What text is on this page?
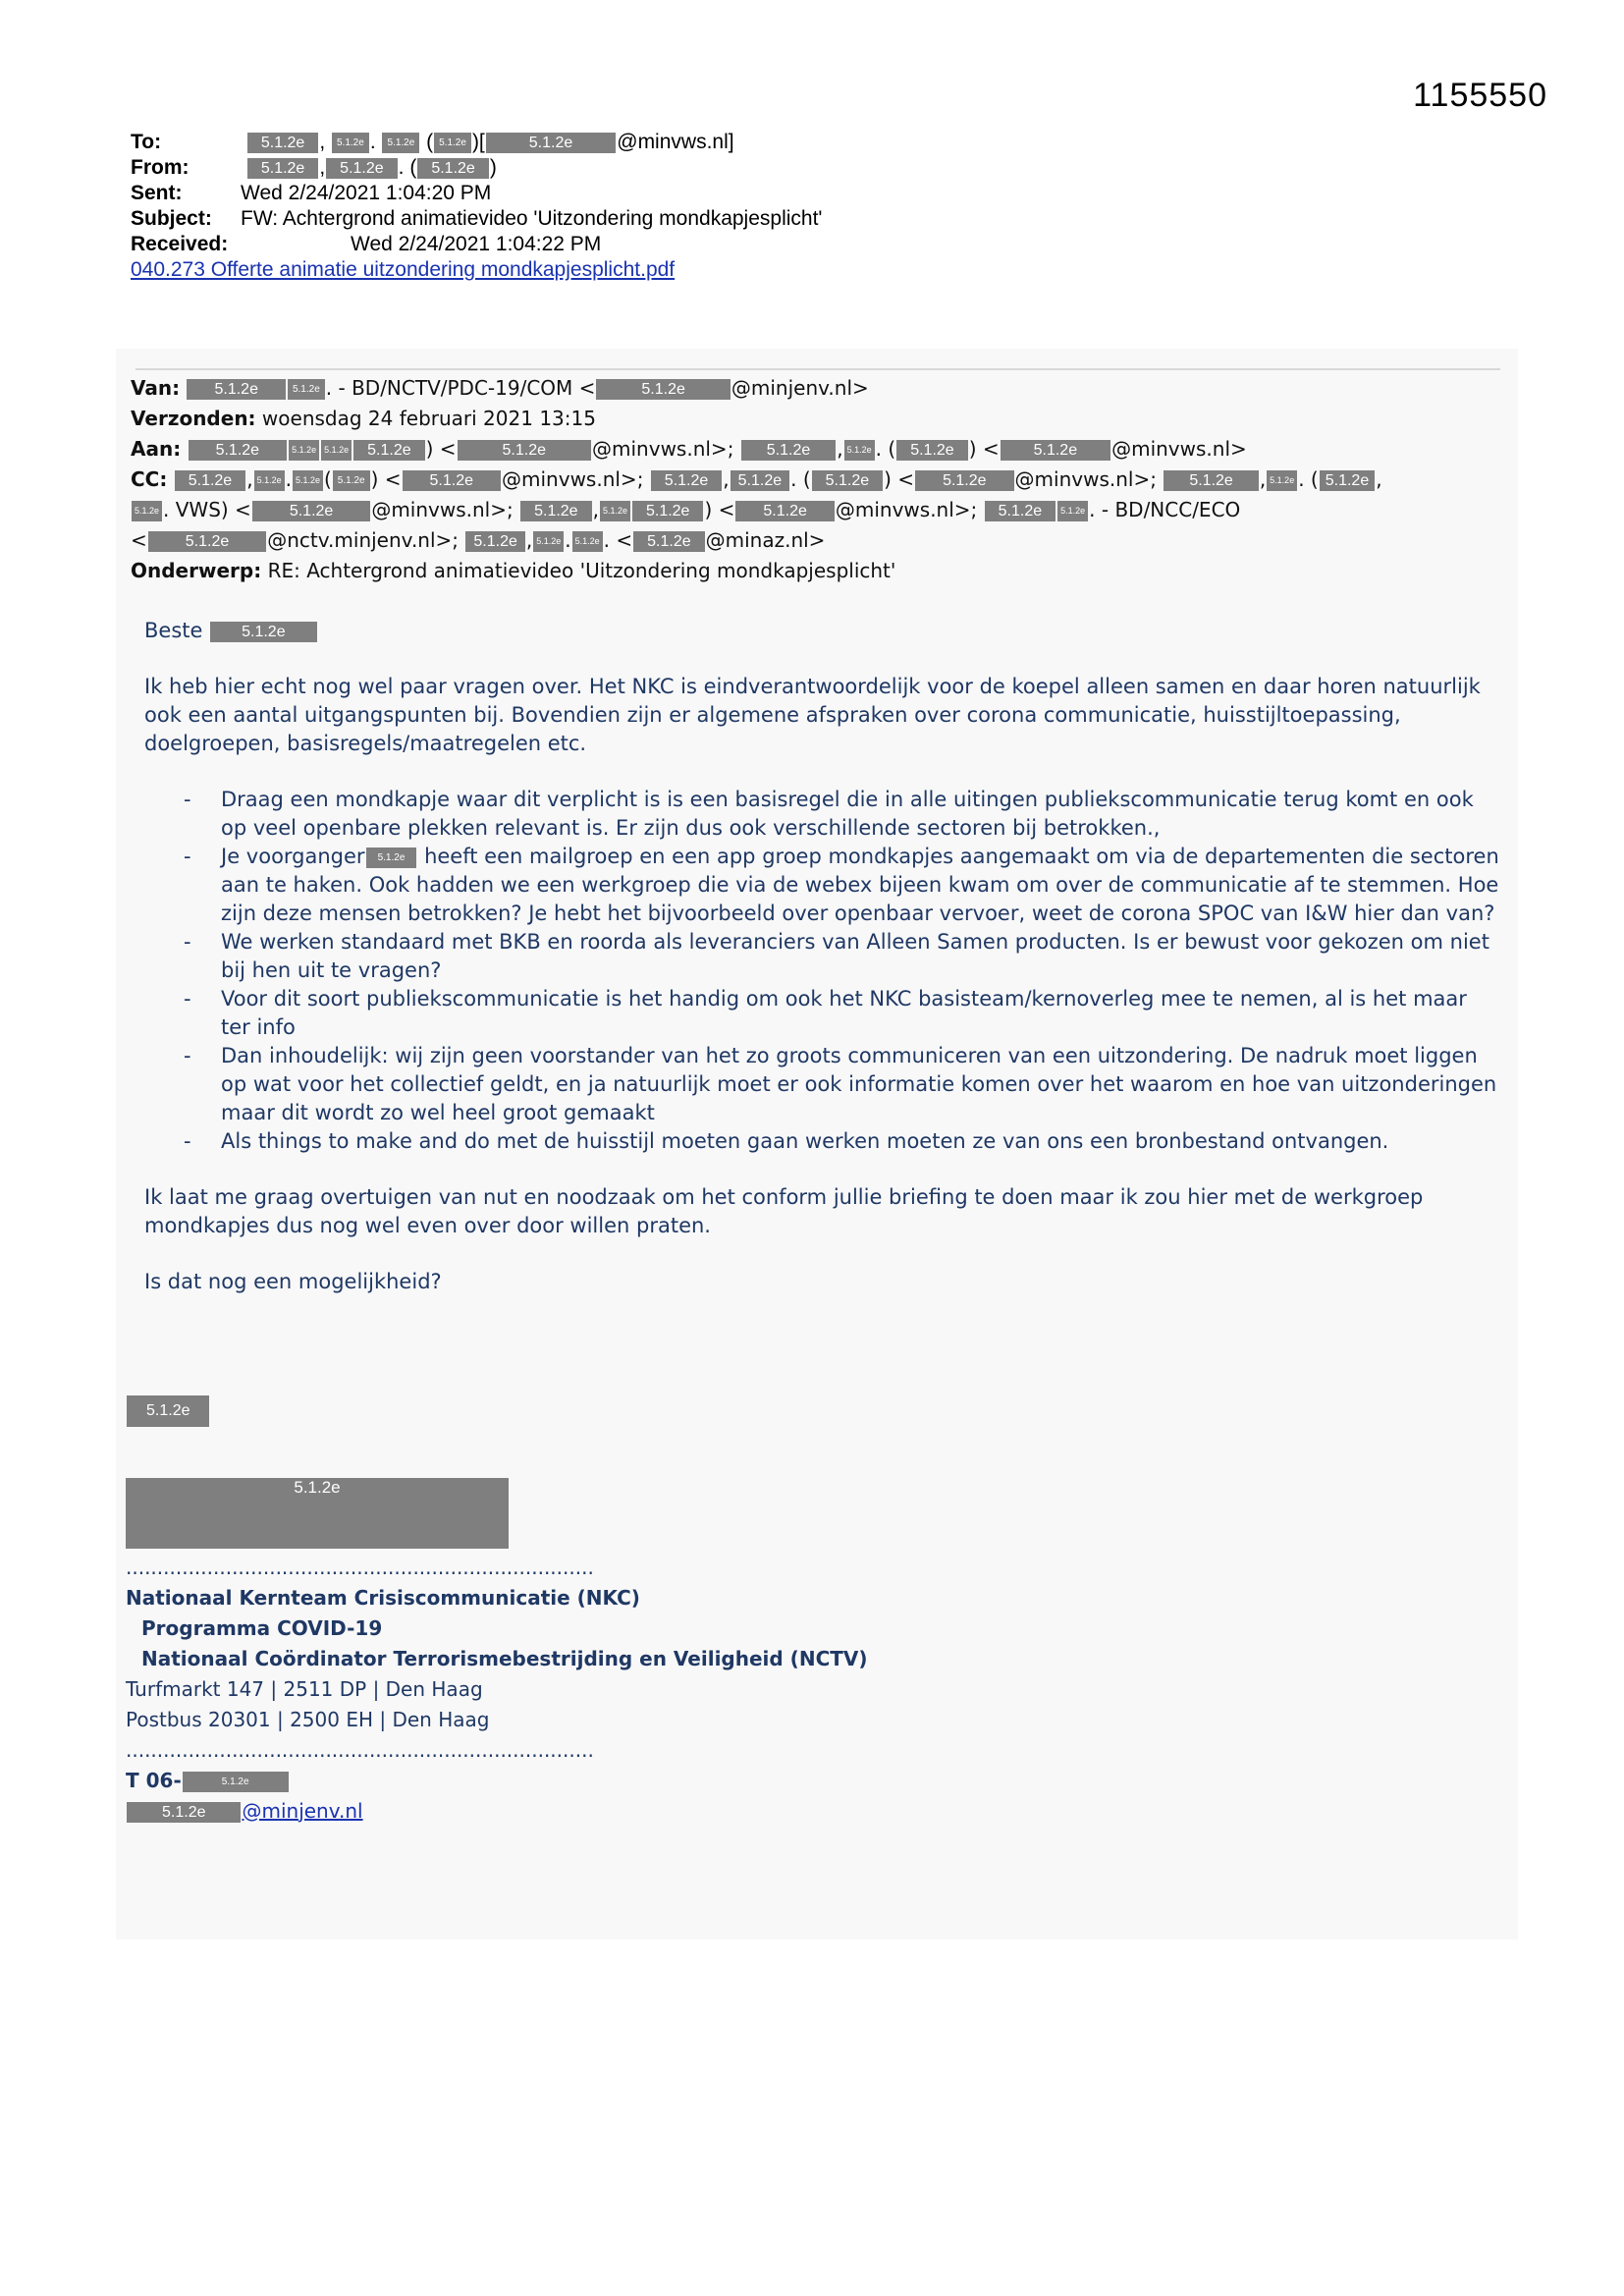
1155550
To:	5.1.2e , 5.1.2e . 5.1.2e ( 5.1.2e )[	5.1.2e @minvws.nl]
From:	5.1.2e , 5.1.2e . ( 5.1.2e )
Sent:	Wed 2/24/2021 1:04:20 PM
Subject: FW: Achtergrond animatievideo 'Uitzondering mondkapjesplicht'
Received:	Wed 2/24/2021 1:04:22 PM
040.273 Offerte animatie uitzondering mondkapjesplicht.pdf
Van: 5.1.2e	5.1.2e . - BD/NCTV/PDC-19/COM <	5.1.2e @minjenv.nl>
Verzonden: woensdag 24 februari 2021 13:15
Aan: 5.1.2e	5.1.2e 5.1.2e 5.1.2e ) <	5.1.2e @minvws.nl>; 5.1.2e , 5.1.2e . ( 5.1.2e ) < 5.1.2e @minvws.nl>
CC: 5.1.2e , 5.1.2e . 5.1.2e ( 5.1.2e ) < 5.1.2e @minvws.nl>; 5.1.2e , 5.1.2e . ( 5.1.2e ) < 5.1.2e @minvws.nl>; 5.1.2e , 5.1.2e . ( 5.1.2e ,
5.1.2e . VWS) < 5.1.2e @minvws.nl>; 5.1.2e , 5.1.2e 5.1.2e ) < 5.1.2e @minvws.nl>; 5.1.2e 5.1.2e . - BD/NCC/ECO
< 5.1.2e @nctv.minjenv.nl>; 5.1.2e , 5.1.2e . 5.1.2e . < 5.1.2e @minaz.nl>
Onderwerp: RE: Achtergrond animatievideo 'Uitzondering mondkapjesplicht'

Beste 5.1.2e

Ik heb hier echt nog wel paar vragen over. Het NKC is eindverantwoordelijk voor de koepel alleen samen en daar horen natuurlijk ook een aantal uitgangspunten bij. Bovendien zijn er algemene afspraken over corona communicatie, huisstijltoepassing, doelgroepen, basisregels/maatregelen etc.

- Draag een mondkapje waar dit verplicht is is een basisregel die in alle uitingen publiekscommunicatie terug komt en ook op veel openbare plekken relevant is. Er zijn dus ook verschillende sectoren bij betrokken.,
- Je voorganger 5.1.2e heeft een mailgroep en een app groep mondkapjes aangemaakt om via de departementen die sectoren aan te haken. Ook hadden we een werkgroep die via de webex bijeen kwam om over de communicatie af te stemmen. Hoe zijn deze mensen betrokken? Je hebt het bijvoorbeeld over openbaar vervoer, weet de corona SPOC van I&W hier dan van?
- We werken standaard met BKB en roorda als leveranciers van Alleen Samen producten. Is er bewust voor gekozen om niet bij hen uit te vragen?
- Voor dit soort publiekscommunicatie is het handig om ook het NKC basisteam/kernoverleg mee te nemen, al is het maar ter info
- Dan inhoudelijk: wij zijn geen voorstander van het zo groots communiceren van een uitzondering. De nadruk moet liggen op wat voor het collectief geldt, en ja natuurlijk moet er ook informatie komen over het waarom en hoe van uitzonderingen maar dit wordt zo wel heel groot gemaakt
- Als things to make and do met de huisstijl moeten gaan werken moeten ze van ons een bronbestand ontvangen.

Ik laat me graag overtuigen van nut en noodzaak om het conform jullie briefing te doen maar ik zou hier met de werkgroep mondkapjes dus nog wel even over door willen praten.

Is dat nog een mogelijkheid?

5.1.2e
5.1.2e
...........................................................................
Nationaal Kernteam Crisiscommunicatie (NKC)
Programma COVID-19
Nationaal Coördinator Terrorismebestrijding en Veiligheid (NCTV)
Turfmarkt 147 | 2511 DP | Den Haag
Postbus 20301 | 2500 EH | Den Haag
...........................................................................
T 06-	5.1.2e
5.1.2e @minjenv.nl
